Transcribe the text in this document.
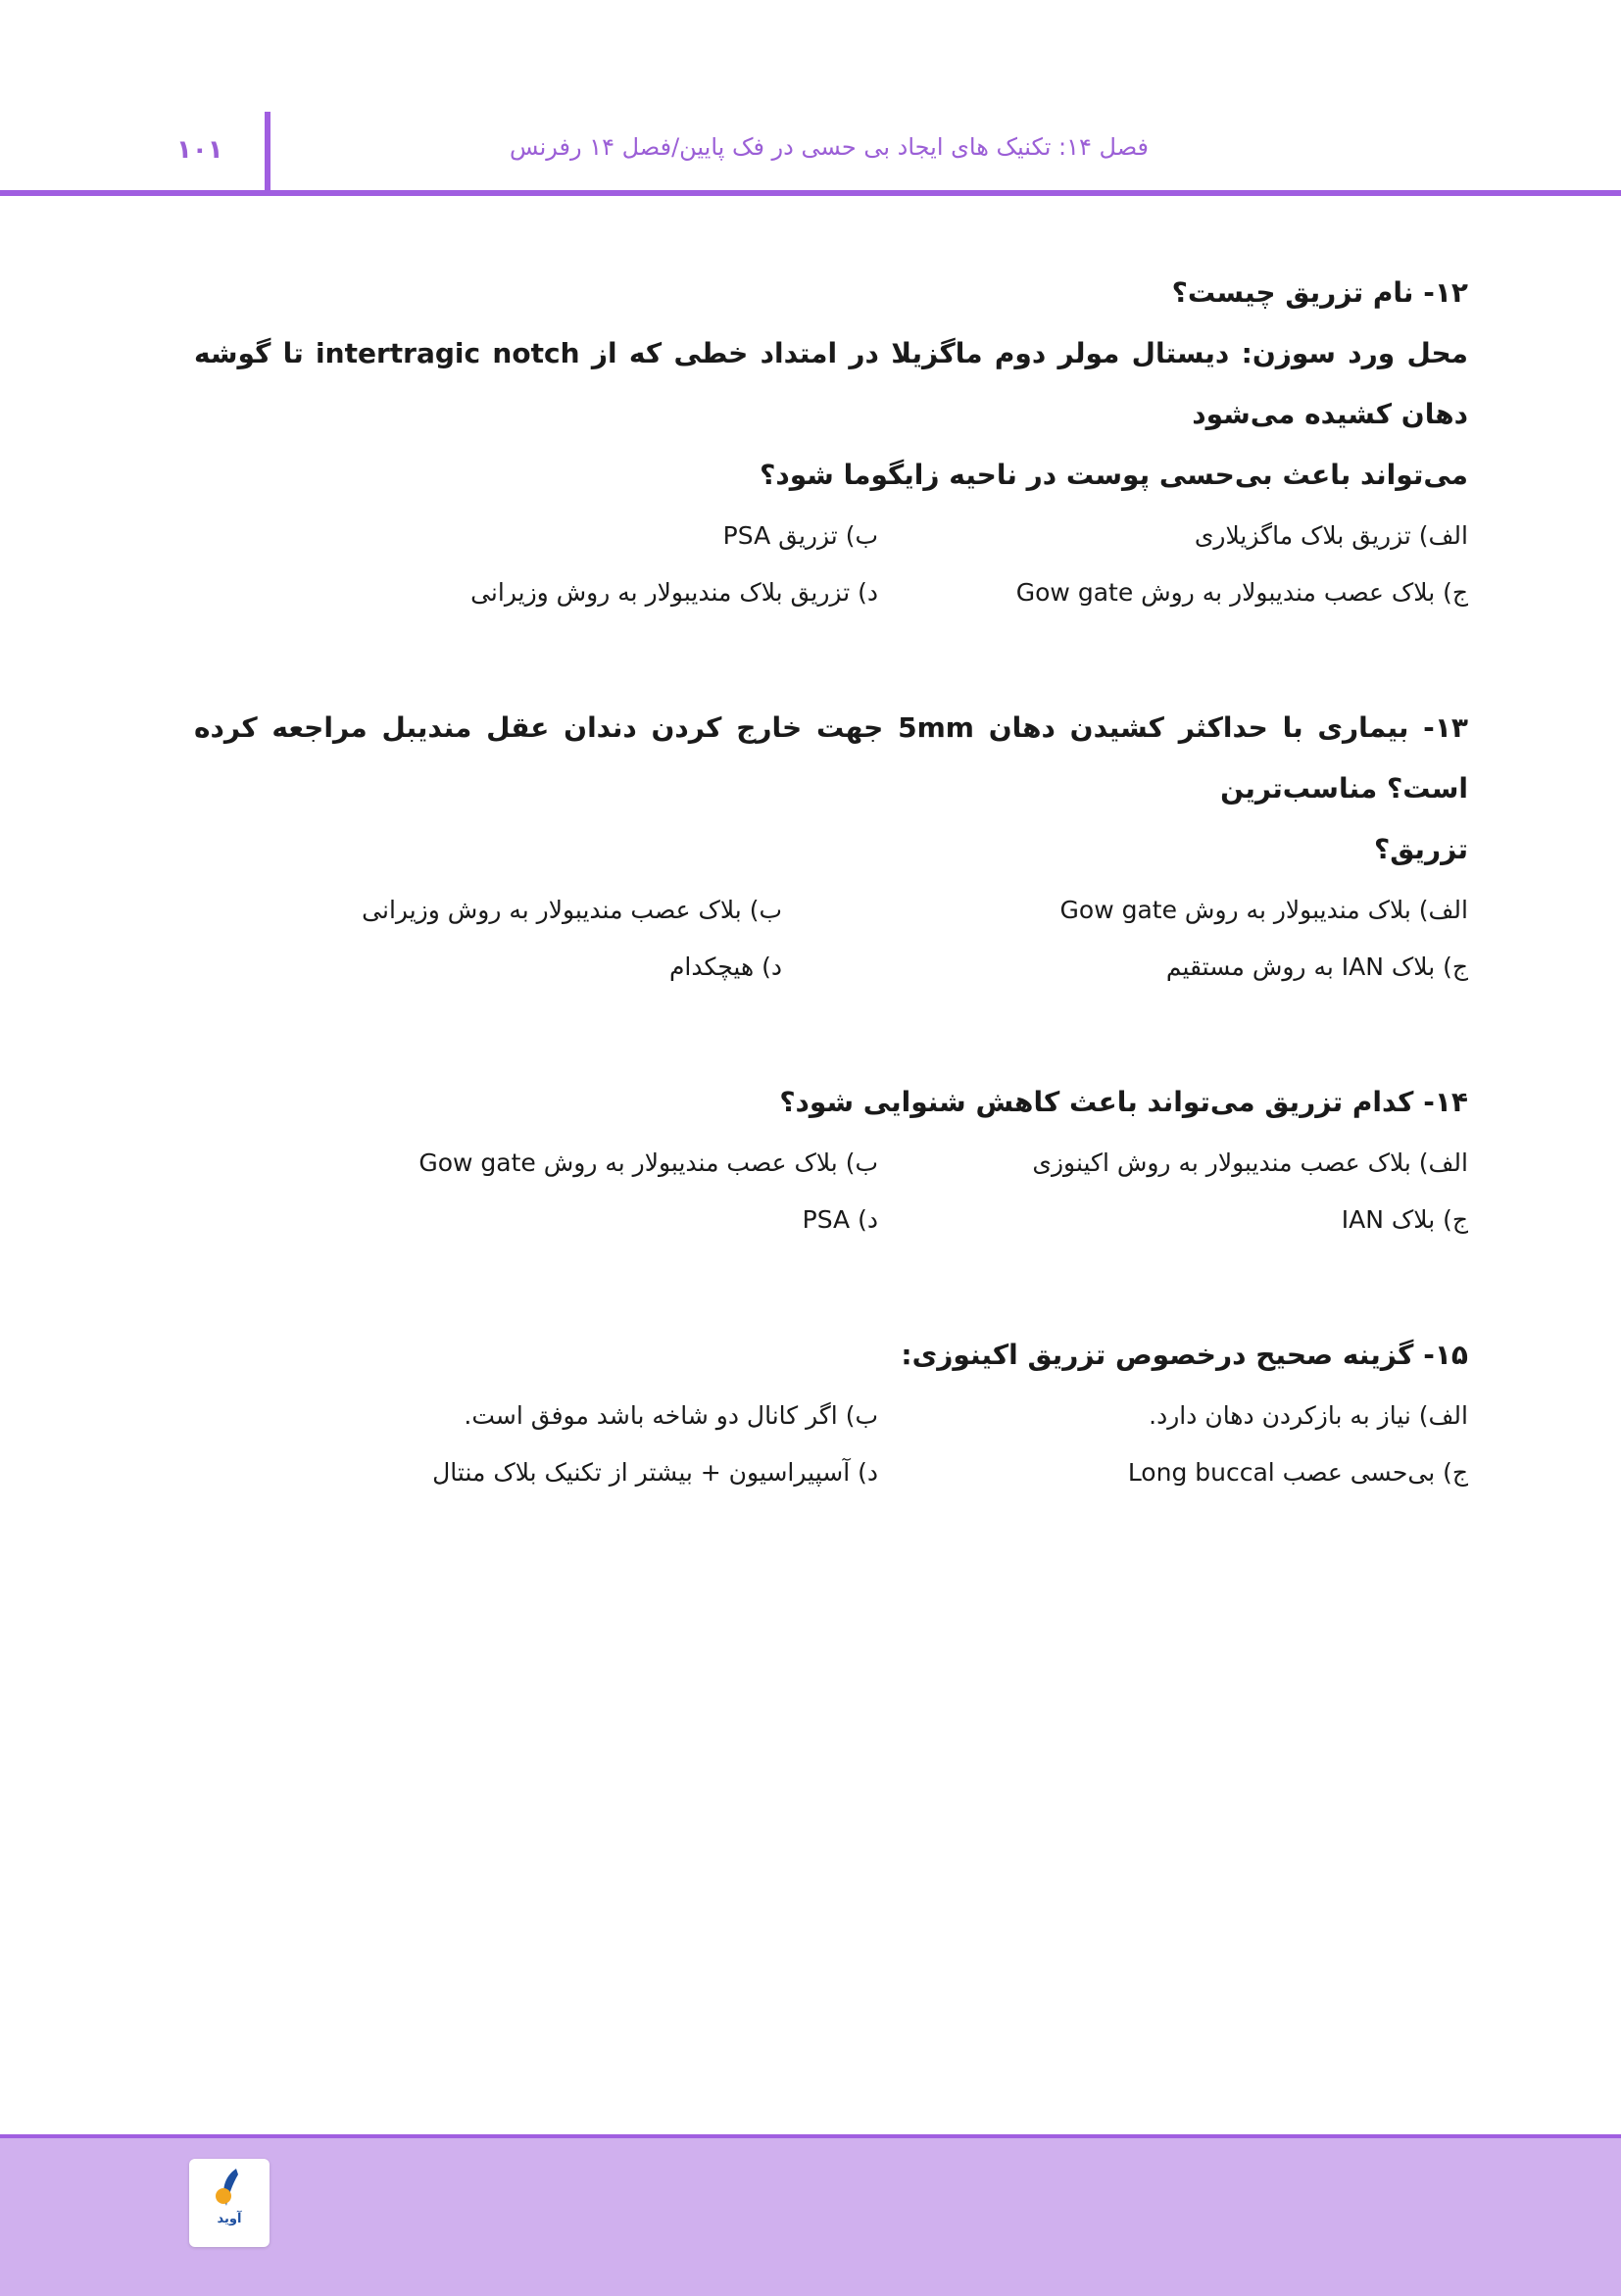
۱۰۱	فصل ۱۴: تکنیک های ایجاد بی حسی در فک پایین/فصل ۱۴ رفرنس
۱۲- نام تزریق چیست؟
محل ورد سوزن: دیستال مولر دوم ماگزیلا در امتداد خطی که از intertragic notch تا گوشه دهان کشیده می‌شود
می‌تواند باعث بی‌حسی پوست در ناحیه زایگوما شود؟
الف) تزریق بلاک ماگزیلاری
ب) تزریق PSA
ج) بلاک عصب مندیبولار به روش Gow gate
د) تزریق بلاک مندیبولار به روش وزیرانی
۱۳- بیماری با حداکثر کشیدن دهان 5mm جهت خارج کردن دندان عقل مندیبل مراجعه کرده است؟ مناسب‌ترین
تزریق؟
الف) بلاک مندیبولار به روش Gow gate
ب) بلاک عصب مندیبولار به روش وزیرانی
ج) بلاک IAN به روش مستقیم
د) هیچکدام
۱۴- کدام تزریق می‌تواند باعث کاهش شنوایی شود؟
الف) بلاک عصب مندیبولار به روش اکینوزی
ب) بلاک عصب مندیبولار به روش Gow gate
ج) بلاک IAN
د) PSA
۱۵- گزینه صحیح درخصوص تزریق اکینوزی:
الف) نیاز به بازکردن دهان دارد.
ب) اگر کانال دو شاخه باشد موفق است.
ج) بی‌حسی عصب Long buccal
د) آسپیراسیون + بیشتر از تکنیک بلاک منتال
آوید
